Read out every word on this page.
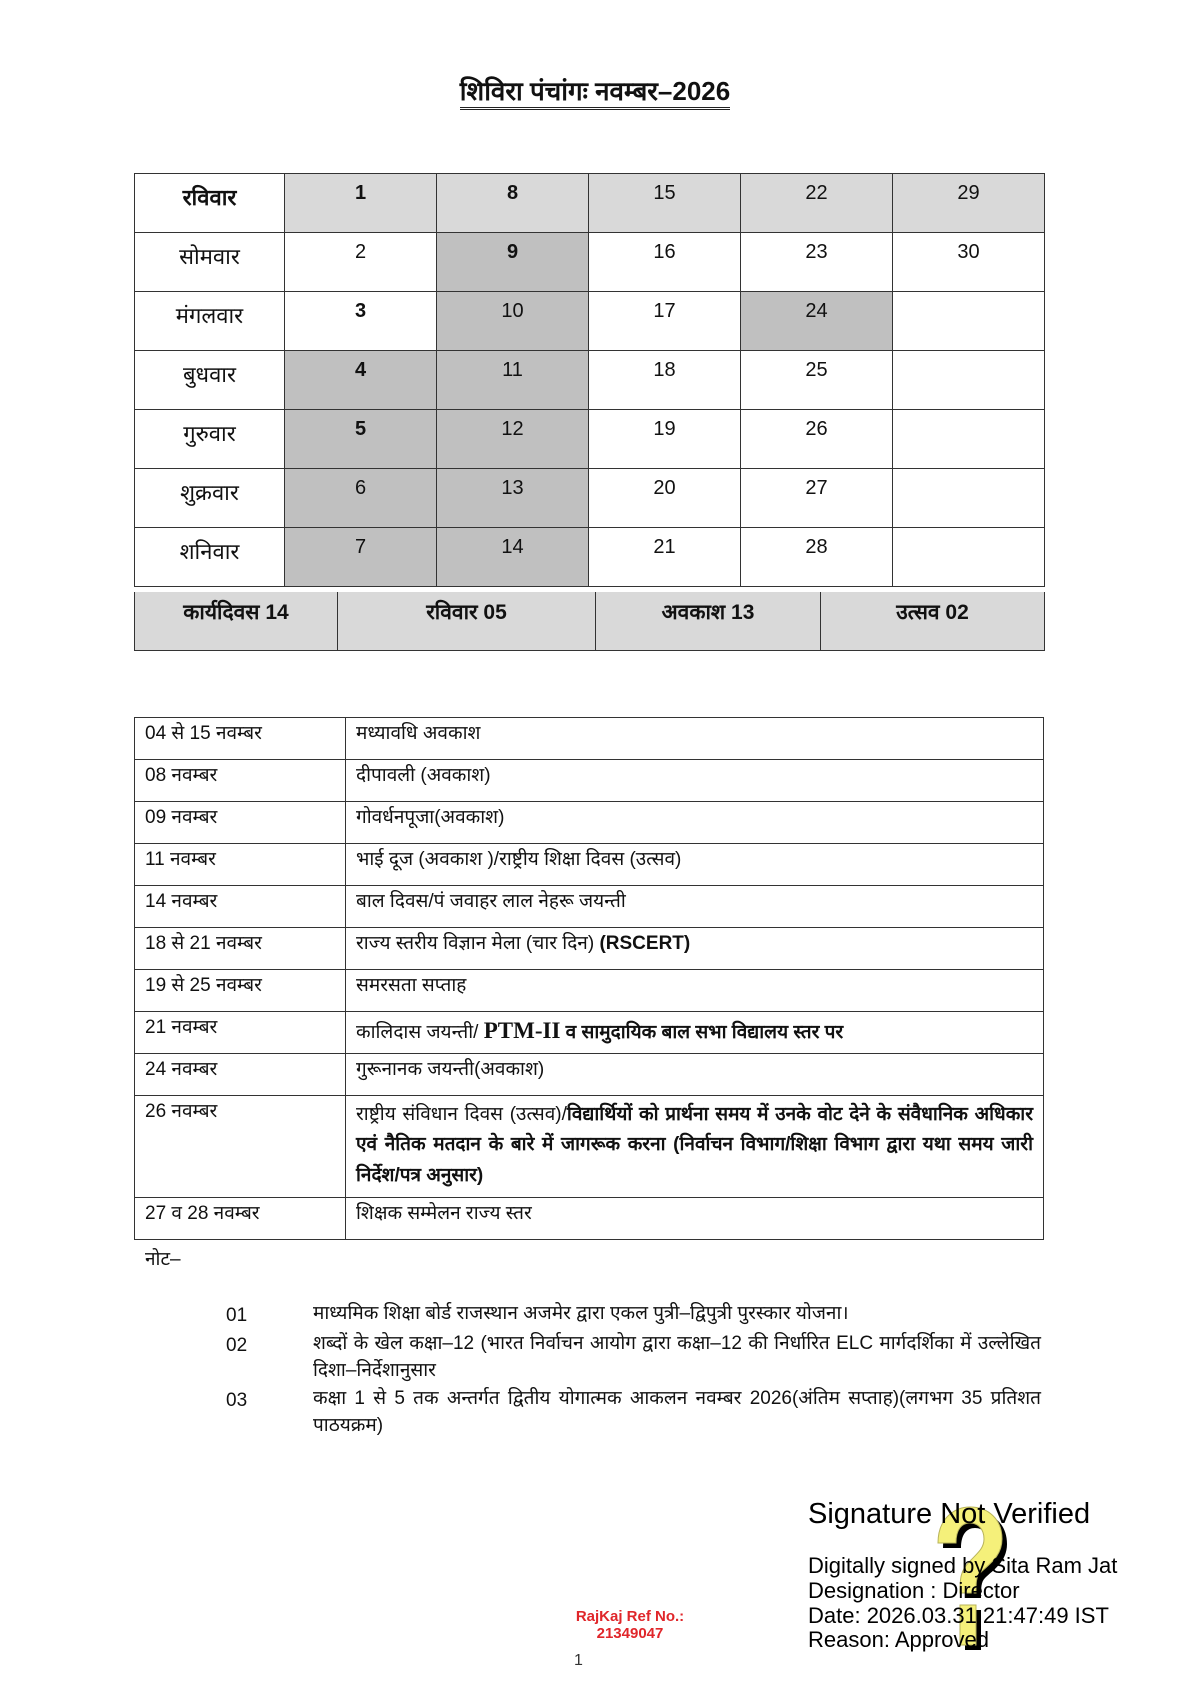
शिविरा पंचांगः नवम्बर–2026
रविवार	1	8	15	22	29
सोमवार	2	9	16	23	30
मंगलवार	3	10	17	24	
बुधवार	4	11	18	25	
गुरुवार	5	12	19	26	
शुक्रवार	6	13	20	27	
शनिवार	7	14	21	28	
कार्यदिवस 14	रविवार 05	अवकाश 13	उत्सव 02
04 से 15 नवम्बर	मध्यावधि अवकाश
08 नवम्बर	दीपावली (अवकाश)
09 नवम्बर	गोवर्धनपूजा(अवकाश)
11 नवम्बर	भाई दूज (अवकाश )/राष्ट्रीय शिक्षा दिवस (उत्सव)
14 नवम्बर	बाल दिवस/पं जवाहर लाल नेहरू जयन्ती
18 से 21 नवम्बर	राज्य स्तरीय विज्ञान मेला (चार दिन) (RSCERT)
19 से 25 नवम्बर	समरसता सप्ताह
21 नवम्बर	कालिदास जयन्ती/ PTM-II व सामुदायिक बाल सभा विद्यालय स्तर पर
24 नवम्बर	गुरूनानक जयन्ती(अवकाश)
26 नवम्बर	राष्ट्रीय संविधान दिवस (उत्सव)/विद्यार्थियों को प्रार्थना समय में उनके वोट देने के संवैधानिक अधिकार एवं नैतिक मतदान के बारे में जागरूक करना (निर्वाचन विभाग/शिक्षा विभाग द्वारा यथा समय जारी निर्देश/पत्र अनुसार)
27 व 28 नवम्बर	शिक्षक सम्मेलन राज्य स्तर
नोट–
01	माध्यमिक शिक्षा बोर्ड राजस्थान अजमेर द्वारा एकल पुत्री–द्विपुत्री पुरस्कार योजना।
02	शब्दों के खेल कक्षा–12 (भारत निर्वाचन आयोग द्वारा कक्षा–12 की निर्धारित ELC मार्गदर्शिका में उल्लेखित दिशा–निर्देशानुसार
03	कक्षा 1 से 5 तक अन्तर्गत द्वितीय योगात्मक आकलन नवम्बर 2026(अंतिम सप्ताह)(लगभग 35 प्रतिशत पाठयक्रम)
Signature Not Verified
Digitally signed by Sita Ram Jat
Designation : Director
Date: 2026.03.31 21:47:49 IST
Reason: Approved
RajKaj Ref No.:
21349047
1
